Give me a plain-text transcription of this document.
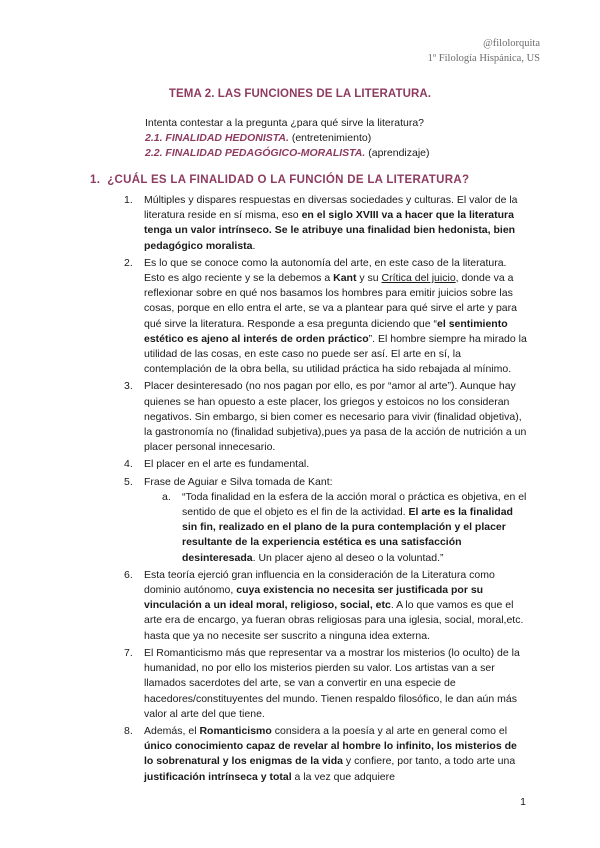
@filolorquita
1º Filología Hispánica, US
TEMA 2. LAS FUNCIONES DE LA LITERATURA.
Intenta contestar a la pregunta ¿para qué sirve la literatura?
2.1. FINALIDAD HEDONISTA. (entretenimiento)
2.2. FINALIDAD PEDAGÓGICO-MORALISTA. (aprendizaje)
1. ¿CUÁL ES LA FINALIDAD O LA FUNCIÓN DE LA LITERATURA?
1. Múltiples y dispares respuestas en diversas sociedades y culturas. El valor de la literatura reside en sí misma, eso en el siglo XVIII va a hacer que la literatura tenga un valor intrínseco. Se le atribuye una finalidad bien hedonista, bien pedagógico moralista.
2. Es lo que se conoce como la autonomía del arte, en este caso de la literatura. Esto es algo reciente y se la debemos a Kant y su Crítica del juicio, donde va a reflexionar sobre en qué nos basamos los hombres para emitir juicios sobre las cosas, porque en ello entra el arte, se va a plantear para qué sirve el arte y para qué sirve la literatura. Responde a esa pregunta diciendo que “el sentimiento estético es ajeno al interés de orden práctico”. El hombre siempre ha mirado la utilidad de las cosas, en este caso no puede ser así. El arte en sí, la contemplación de la obra bella, su utilidad práctica ha sido rebajada al mínimo.
3. Placer desinteresado (no nos pagan por ello, es por “amor al arte”). Aunque hay quienes se han opuesto a este placer, los griegos y estoicos no los consideran negativos. Sin embargo, si bien comer es necesario para vivir (finalidad objetiva), la gastronomía no (finalidad subjetiva),pues ya pasa de la acción de nutrición a un placer personal innecesario.
4. El placer en el arte es fundamental.
5. Frase de Aguiar e Silva tomada de Kant:
a. “Toda finalidad en la esfera de la acción moral o práctica es objetiva, en el sentido de que el objeto es el fin de la actividad. El arte es la finalidad sin fin, realizado en el plano de la pura contemplación y el placer resultante de la experiencia estética es una satisfacción desinteresada. Un placer ajeno al deseo o la voluntad.”
6. Esta teoría ejerció gran influencia en la consideración de la Literatura como dominio autónomo, cuya existencia no necesita ser justificada por su vinculación a un ideal moral, religioso, social, etc. A lo que vamos es que el arte era de encargo, ya fueran obras religiosas para una iglesia, social, moral,etc. hasta que ya no necesite ser suscrito a ninguna idea externa.
7. El Romanticismo más que representar va a mostrar los misterios (lo oculto) de la humanidad, no por ello los misterios pierden su valor. Los artistas van a ser llamados sacerdotes del arte, se van a convertir en una especie de hacedores/constituyentes del mundo. Tienen respaldo filosófico, le dan aún más valor al arte del que tiene.
8. Además, el Romanticismo considera a la poesía y al arte en general como el único conocimiento capaz de revelar al hombre lo infinito, los misterios de lo sobrenatural y los enigmas de la vida y confiere, por tanto, a todo arte una justificación intrínseca y total a la vez que adquiere
1
